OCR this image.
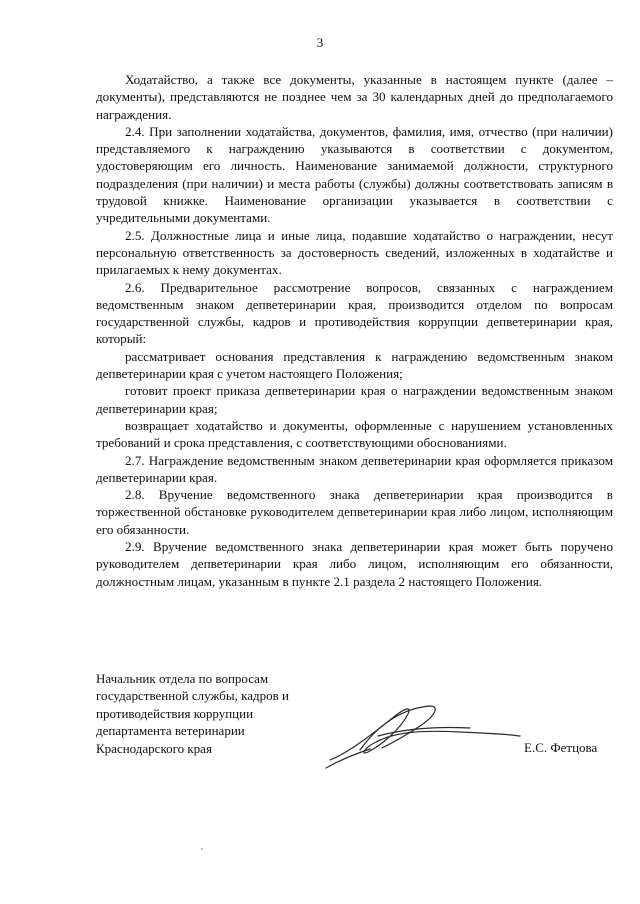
3

Ходатайство, а также все документы, указанные в настоящем пункте (далее – документы), представляются не позднее чем за 30 календарных дней до предполагаемого награждения.

2.4. При заполнении ходатайства, документов, фамилия, имя, отчество (при наличии) представляемого к награждению указываются в соответствии с документом, удостоверяющим его личность. Наименование занимаемой должности, структурного подразделения (при наличии) и места работы (службы) должны соответствовать записям в трудовой книжке. Наименование организации указывается в соответствии с учредительными документами.

2.5. Должностные лица и иные лица, подавшие ходатайство о награждении, несут персональную ответственность за достоверность сведений, изложенных в ходатайстве и прилагаемых к нему документах.

2.6. Предварительное рассмотрение вопросов, связанных с награждением ведомственным знаком депветеринарии края, производится отделом по вопросам государственной службы, кадров и противодействия коррупции депветеринарии края, который:

рассматривает основания представления к награждению ведомственным знаком депветеринарии края с учетом настоящего Положения;

готовит проект приказа депветеринарии края о награждении ведомственным знаком депветеринарии края;

возвращает ходатайство и документы, оформленные с нарушением установленных требований и срока представления, с соответствующими обоснованиями.

2.7. Награждение ведомственным знаком депветеринарии края оформляется приказом депветеринарии края.

2.8. Вручение ведомственного знака депветеринарии края производится в торжественной обстановке руководителем депветеринарии края либо лицом, исполняющим его обязанности.

2.9. Вручение ведомственного знака депветеринарии края может быть поручено руководителем депветеринарии края либо лицом, исполняющим его обязанности, должностным лицам, указанным в пункте 2.1 раздела 2 настоящего Положения.

Начальник отдела по вопросам
государственной службы, кадров и
противодействия коррупции
департамента ветеринарии
Краснодарского края	Е.С. Фетцова
